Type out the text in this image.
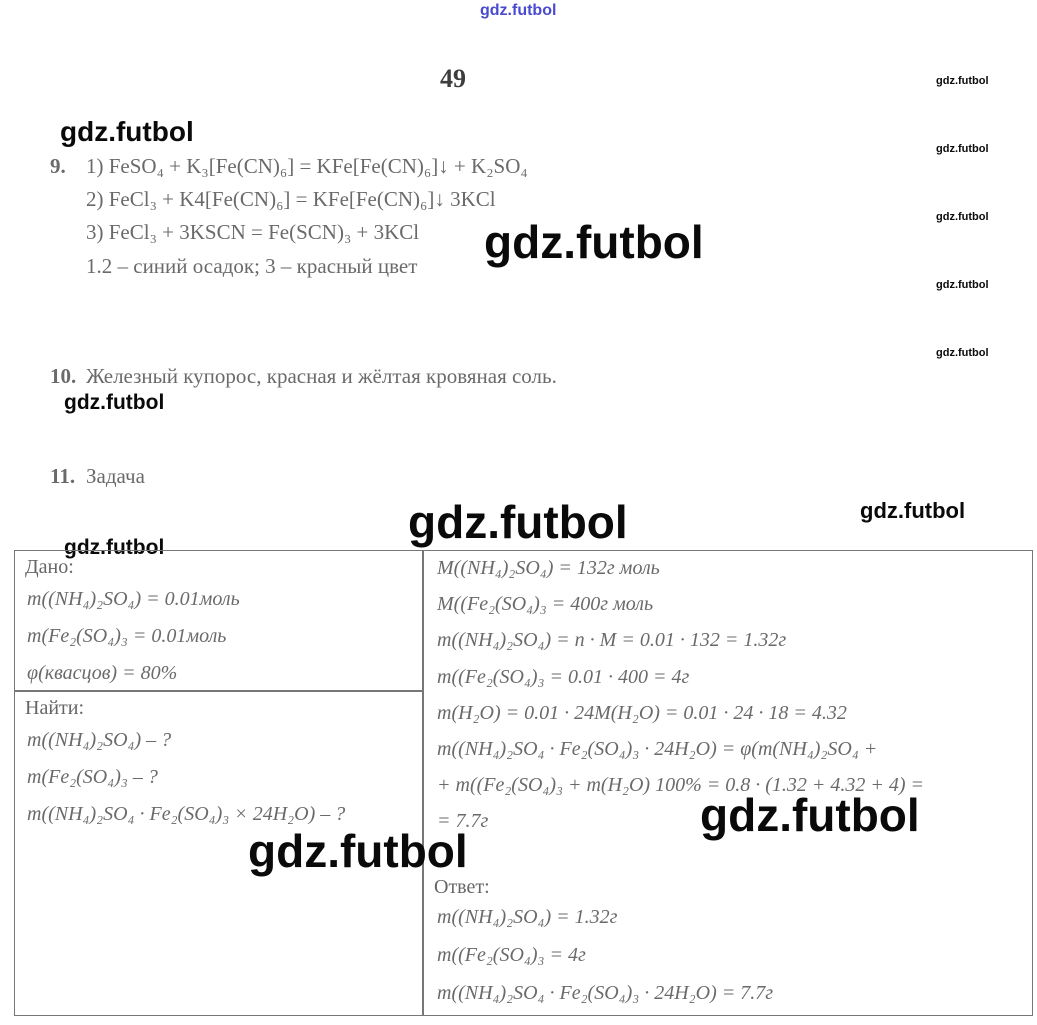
gdz.futbol
49	gdz.futbol
gdz.futbol
gdz.futbol
gdz.futbol
gdz.futbol
gdz.futbol
gdz.futbol
gdz.futbol
gdz.futbol
9. 1) FeSO₄ + K₃[Fe(CN)₆] = KFe[Fe(CN)₆]↓ + K₂SO₄
2) FeCl₃ + K4[Fe(CN)₆] = KFe[Fe(CN)₆]↓ 3KCl
3) FeCl₃ + 3KSCN = Fe(SCN)₃ + 3KCl
1.2 – синий осадок; 3 – красный цвет gdz.futbol
10. Железный купорос, красная и жёлтая кровяная соль.
11. Задача
gdz.futbol
Дано:
m((NH₄)₂SO₄) = 0.01моль
m(Fe₂(SO₄)₃ = 0.01моль
φ(квасцов) = 80%
Найти:
m((NH₄)₂SO₄) – ?
m(Fe₂(SO₄)₃ – ?
m((NH₄)₂SO₄ · Fe₂(SO₄)₃ × 24H₂O) – ?
M((NH₄)₂SO₄) = 132г моль
M((Fe₂(SO₄)₃ = 400г моль
m((NH₄)₂SO₄) = n · M = 0.01 · 132 = 1.32г
m((Fe₂(SO₄)₃ = 0.01 · 400 = 4г
m(H₂O) = 0.01 · 24M(H₂O) = 0.01 · 24 · 18 = 4.32
m((NH₄)₂SO₄ · Fe₂(SO₄)₃ · 24H₂O) = φ(m(NH₄)₂SO₄ +
+ m((Fe₂(SO₄)₃ + m(H₂O) 100% = 0.8 · (1.32 + 4.32 + 4) =
= 7.7г	gdz.futbol
gdz.futbol
Ответ:
m((NH₄)₂SO₄) = 1.32г
m((Fe₂(SO₄)₃ = 4г
m((NH₄)₂SO₄ · Fe₂(SO₄)₃ · 24H₂O) = 7.7г
